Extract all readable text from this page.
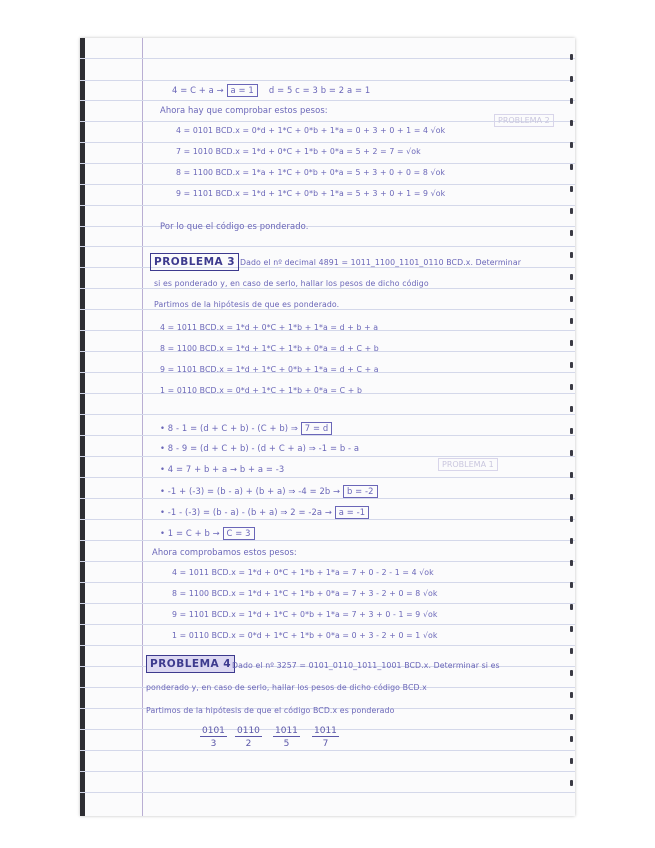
PROBLEMA 1
PROBLEMA 2
4 = C + a → a = 1 d = 5 c = 3 b = 2 a = 1
Ahora hay que comprobar estos pesos:
4 = 0101 BCD.x = 0*d + 1*C + 0*b + 1*a = 0 + 3 + 0 + 1 = 4 √ok
7 = 1010 BCD.x = 1*d + 0*C + 1*b + 0*a = 5 + 2 = 7 = √ok
8 = 1100 BCD.x = 1*a + 1*C + 0*b + 0*a = 5 + 3 + 0 + 0 = 8 √ok
9 = 1101 BCD.x = 1*d + 1*C + 0*b + 1*a = 5 + 3 + 0 + 1 = 9 √ok
Por lo que el código es ponderado.
PROBLEMA 3 Dado el nº decimal 4891 = 1011_1100_1101_0110 BCD.x. Determinar
si es ponderado y, en caso de serlo, hallar los pesos de dicho código
Partimos de la hipótesis de que es ponderado.
4 = 1011 BCD.x = 1*d + 0*C + 1*b + 1*a = d + b + a
8 = 1100 BCD.x = 1*d + 1*C + 1*b + 0*a = d + C + b
9 = 1101 BCD.x = 1*d + 1*C + 0*b + 1*a = d + C + a
1 = 0110 BCD.x = 0*d + 1*C + 1*b + 0*a = C + b
• 8 - 1 = (d + C + b) - (C + b) ⇒ 7 = d
• 8 - 9 = (d + C + b) - (d + C + a) ⇒ -1 = b - a
• 4 = 7 + b + a → b + a = -3
• -1 + (-3) = (b - a) + (b + a) ⇒ -4 = 2b → b = -2
• -1 - (-3) = (b - a) - (b + a) ⇒ 2 = -2a → a = -1
• 1 = C + b → C = 3
Ahora comprobamos estos pesos:
4 = 1011 BCD.x = 1*d + 0*C + 1*b + 1*a = 7 + 0 - 2 - 1 = 4 √ok
8 = 1100 BCD.x = 1*d + 1*C + 1*b + 0*a = 7 + 3 - 2 + 0 = 8 √ok
9 = 1101 BCD.x = 1*d + 1*C + 0*b + 1*a = 7 + 3 + 0 - 1 = 9 √ok
1 = 0110 BCD.x = 0*d + 1*C + 1*b + 0*a = 0 + 3 - 2 + 0 = 1 √ok
PROBLEMA 4 Dado el nº 3257 = 0101_0110_1011_1001 BCD.x. Determinar si es
ponderado y, en caso de serlo, hallar los pesos de dicho código BCD.x
Partimos de la hipótesis de que el código BCD.x es ponderado
$\frac{0101}{3} \frac{0110}{2} \frac{1011}{5} \frac{1011}{7}$
